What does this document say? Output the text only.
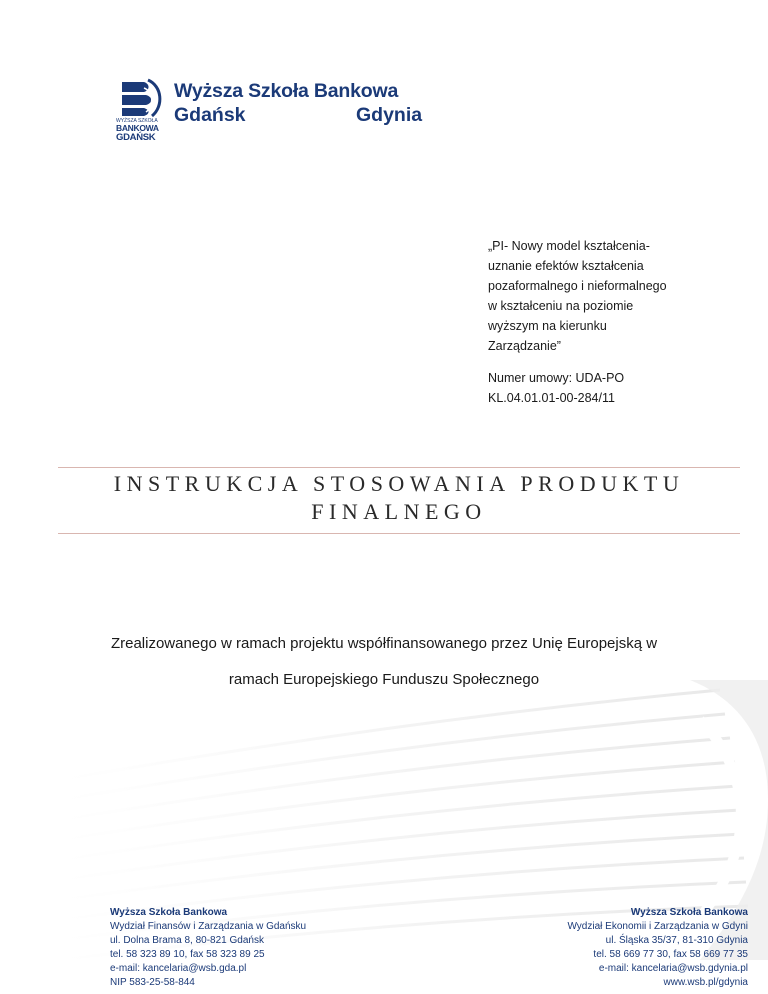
WYŻSZA SZKOŁA
BANKOWA
GDAŃSK
Wyższa Szkoła Bankowa
Gdańsk	Gdynia
„PI- Nowy model kształcenia-
uznanie efektów kształcenia
pozaformalnego i nieformalnego
w kształceniu na poziomie
wyższym na kierunku
Zarządzanie”

Numer umowy: UDA-PO
KL.04.01.01-00-284/11

INSTRUKCJA STOSOWANIA PRODUKTU
FINALNEGO
Zrealizowanego w ramach projektu współfinansowanego przez Unię Europejską w
ramach Europejskiego Funduszu Społecznego
Wyższa Szkoła Bankowa
Wydział Finansów i Zarządzania w Gdańsku
ul. Dolna Brama 8, 80-821 Gdańsk
tel. 58 323 89 10, fax 58 323 89 25
e-mail: kancelaria@wsb.gda.pl
NIP 583-25-58-844
Wyższa Szkoła Bankowa
Wydział Ekonomii i Zarządzania w Gdyni
ul. Śląska 35/37, 81-310 Gdynia
tel. 58 669 77 30, fax 58 669 77 35
e-mail: kancelaria@wsb.gdynia.pl
www.wsb.pl/gdynia
